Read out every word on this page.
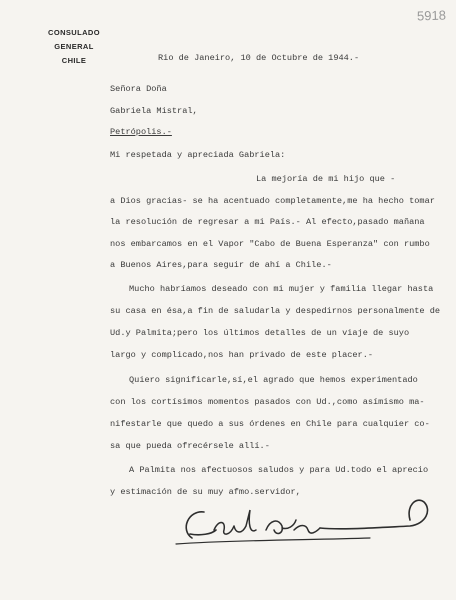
CONSULADO GENERAL
CHILE
5918
Rio de Janeiro, 10 de Octubre de 1944.-
Señora Doña
Gabriela Mistral,
Petrópolis.-
Mi respetada y apreciada Gabriela:
La mejoría de mi hijo que -
a Dios gracias- se ha acentuado completamente,me ha hecho tomar
la resolución de regresar a mi País.- Al efecto,pasado mañana
nos embarcamos en el Vapor "Cabo de Buena Esperanza" con rumbo
a Buenos Aires,para seguir de ahí a Chile.-
Mucho habríamos deseado con mi mujer y familia llegar hasta
su casa en ésa,a fin de saludarla y despedirnos personalmente de
Ud.y Palmita;pero los últimos detalles de un viaje de suyo
largo y complicado,nos han privado de este placer.-
Quiero significarle,sí,el agrado que hemos experimentado
con los cortísimos momentos pasados con Ud.,como asímismo ma-
nifestarle que quedo a sus órdenes en Chile para cualquier co-
sa que pueda ofrecérsele allí.-
A Palmita nos afectuosos saludos y para Ud.todo el aprecio
y estimación de su muy afmo.servidor,
